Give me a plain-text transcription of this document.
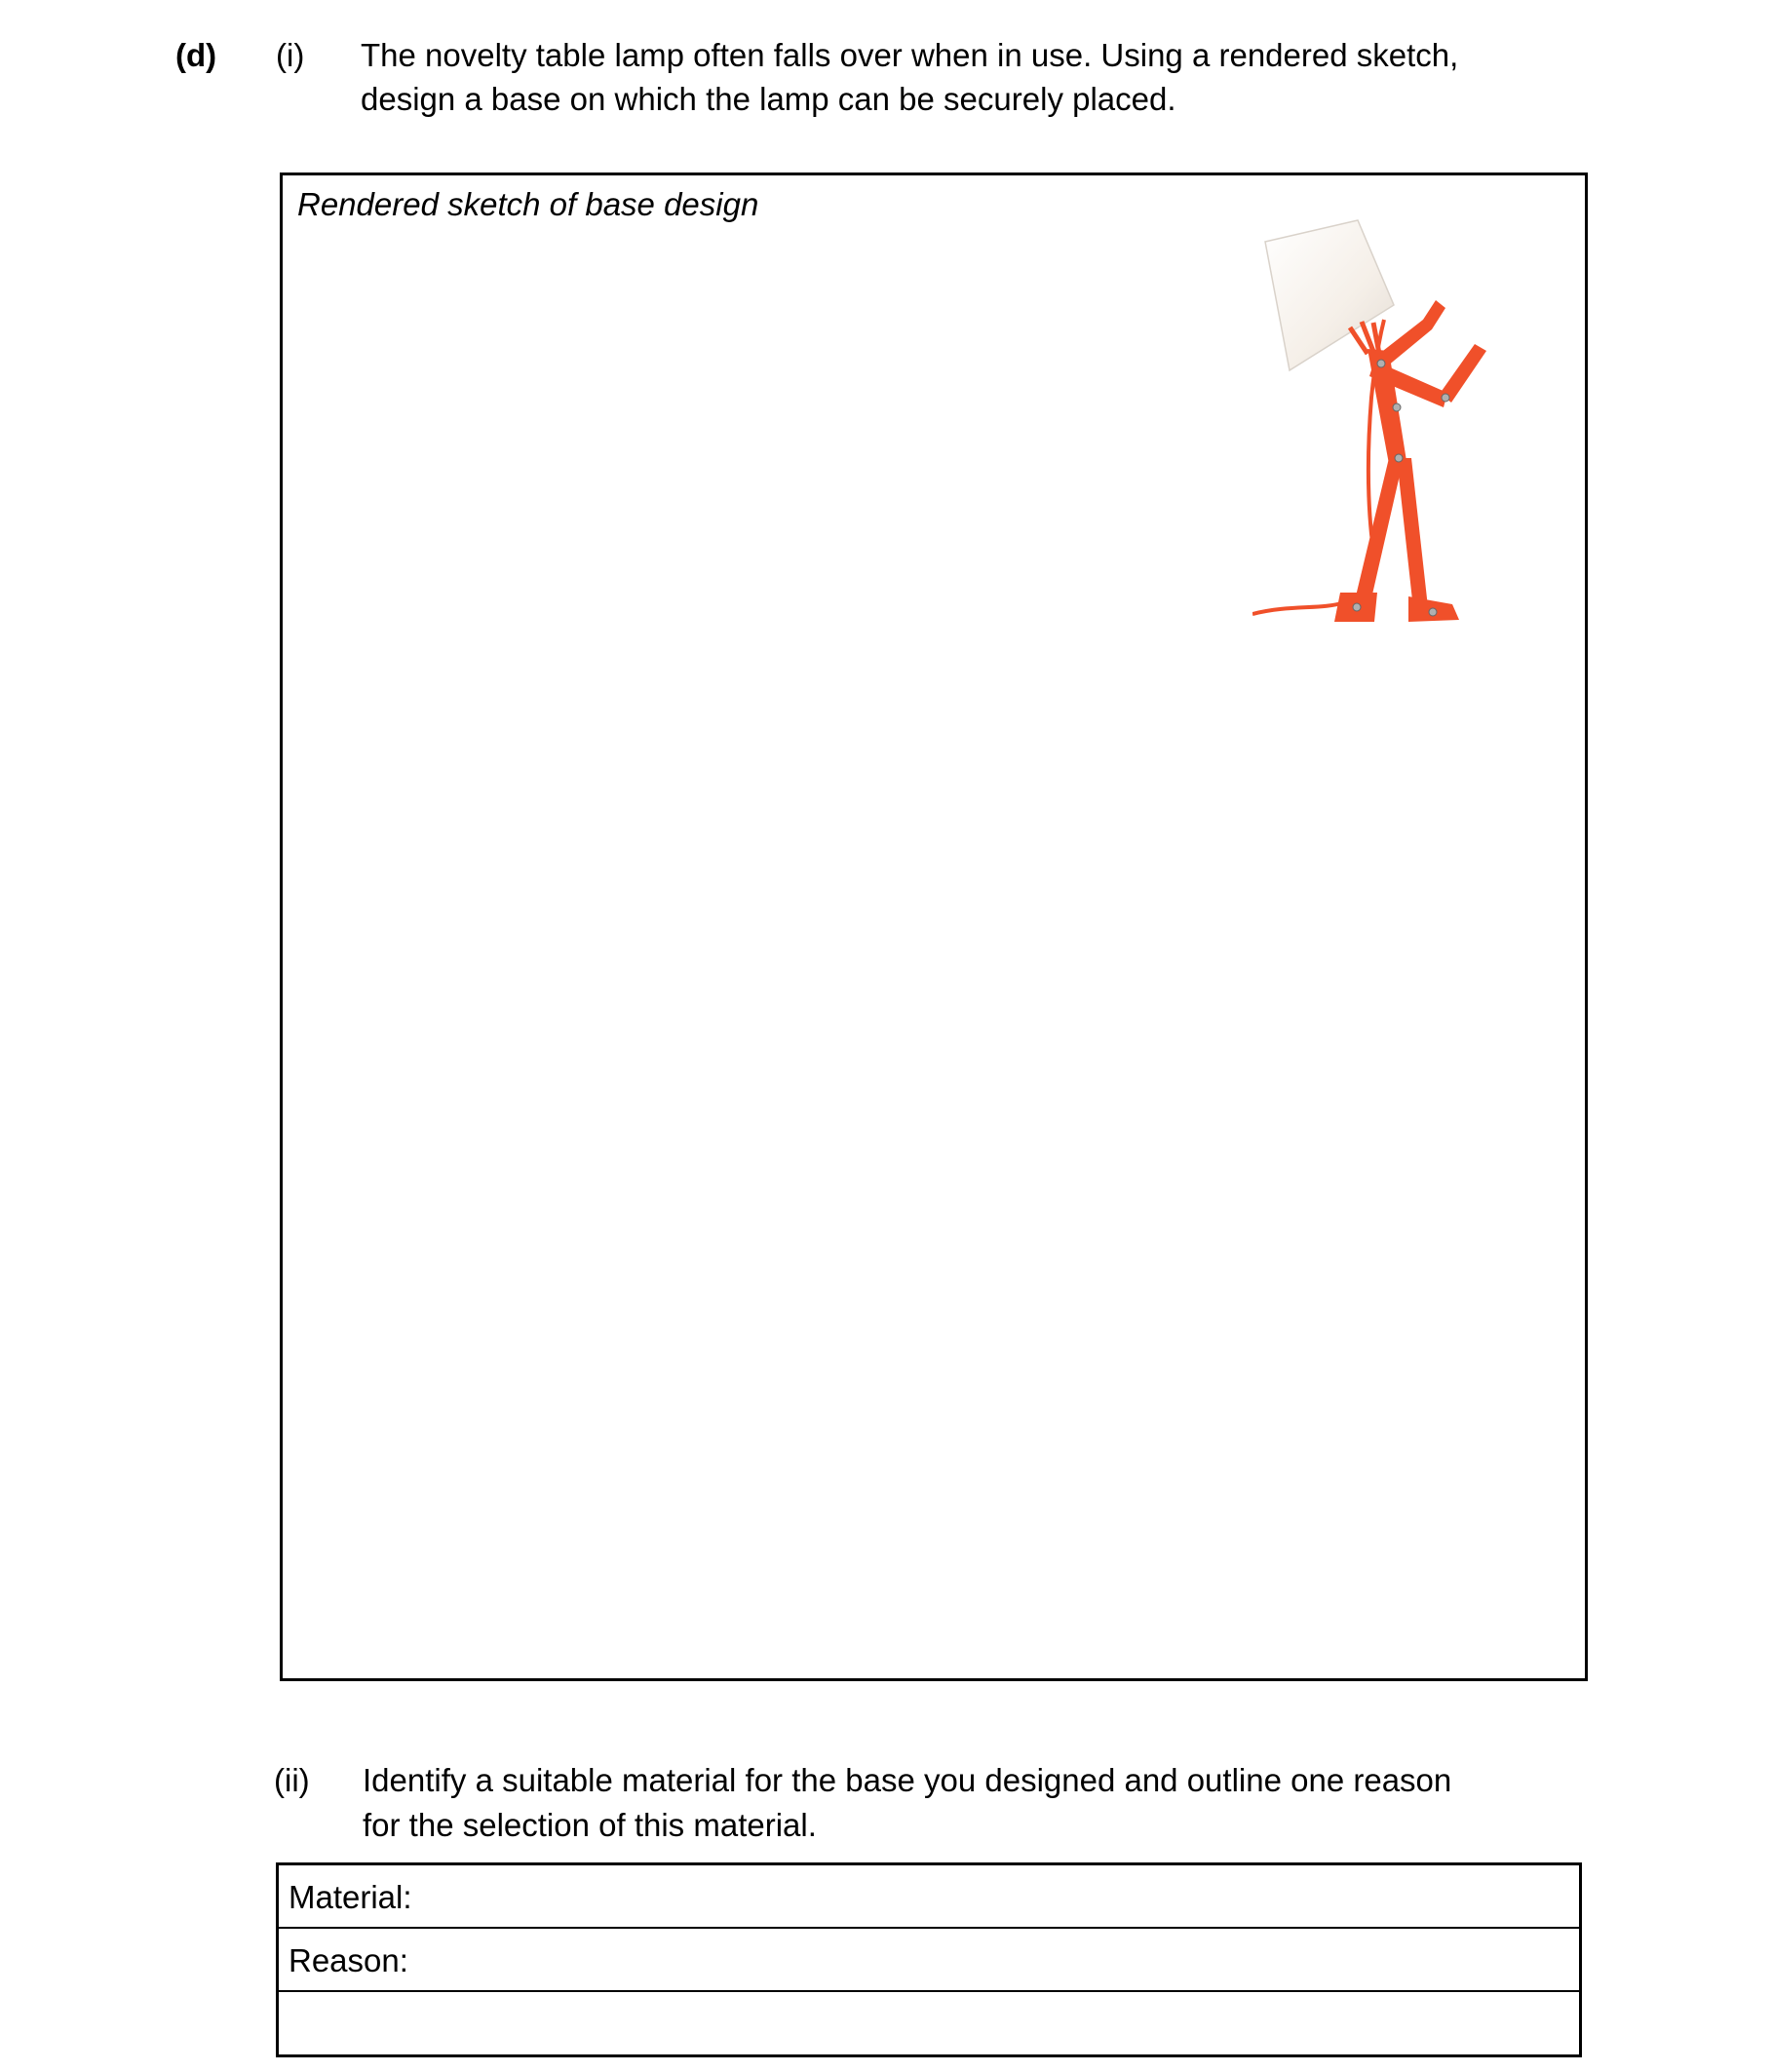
(d) (i) The novelty table lamp often falls over when in use. Using a rendered sketch,
design a base on which the lamp can be securely placed.
Rendered sketch of base design
(ii) Identify a suitable material for the base you designed and outline one reason
for the selection of this material.
Material:
Reason:
